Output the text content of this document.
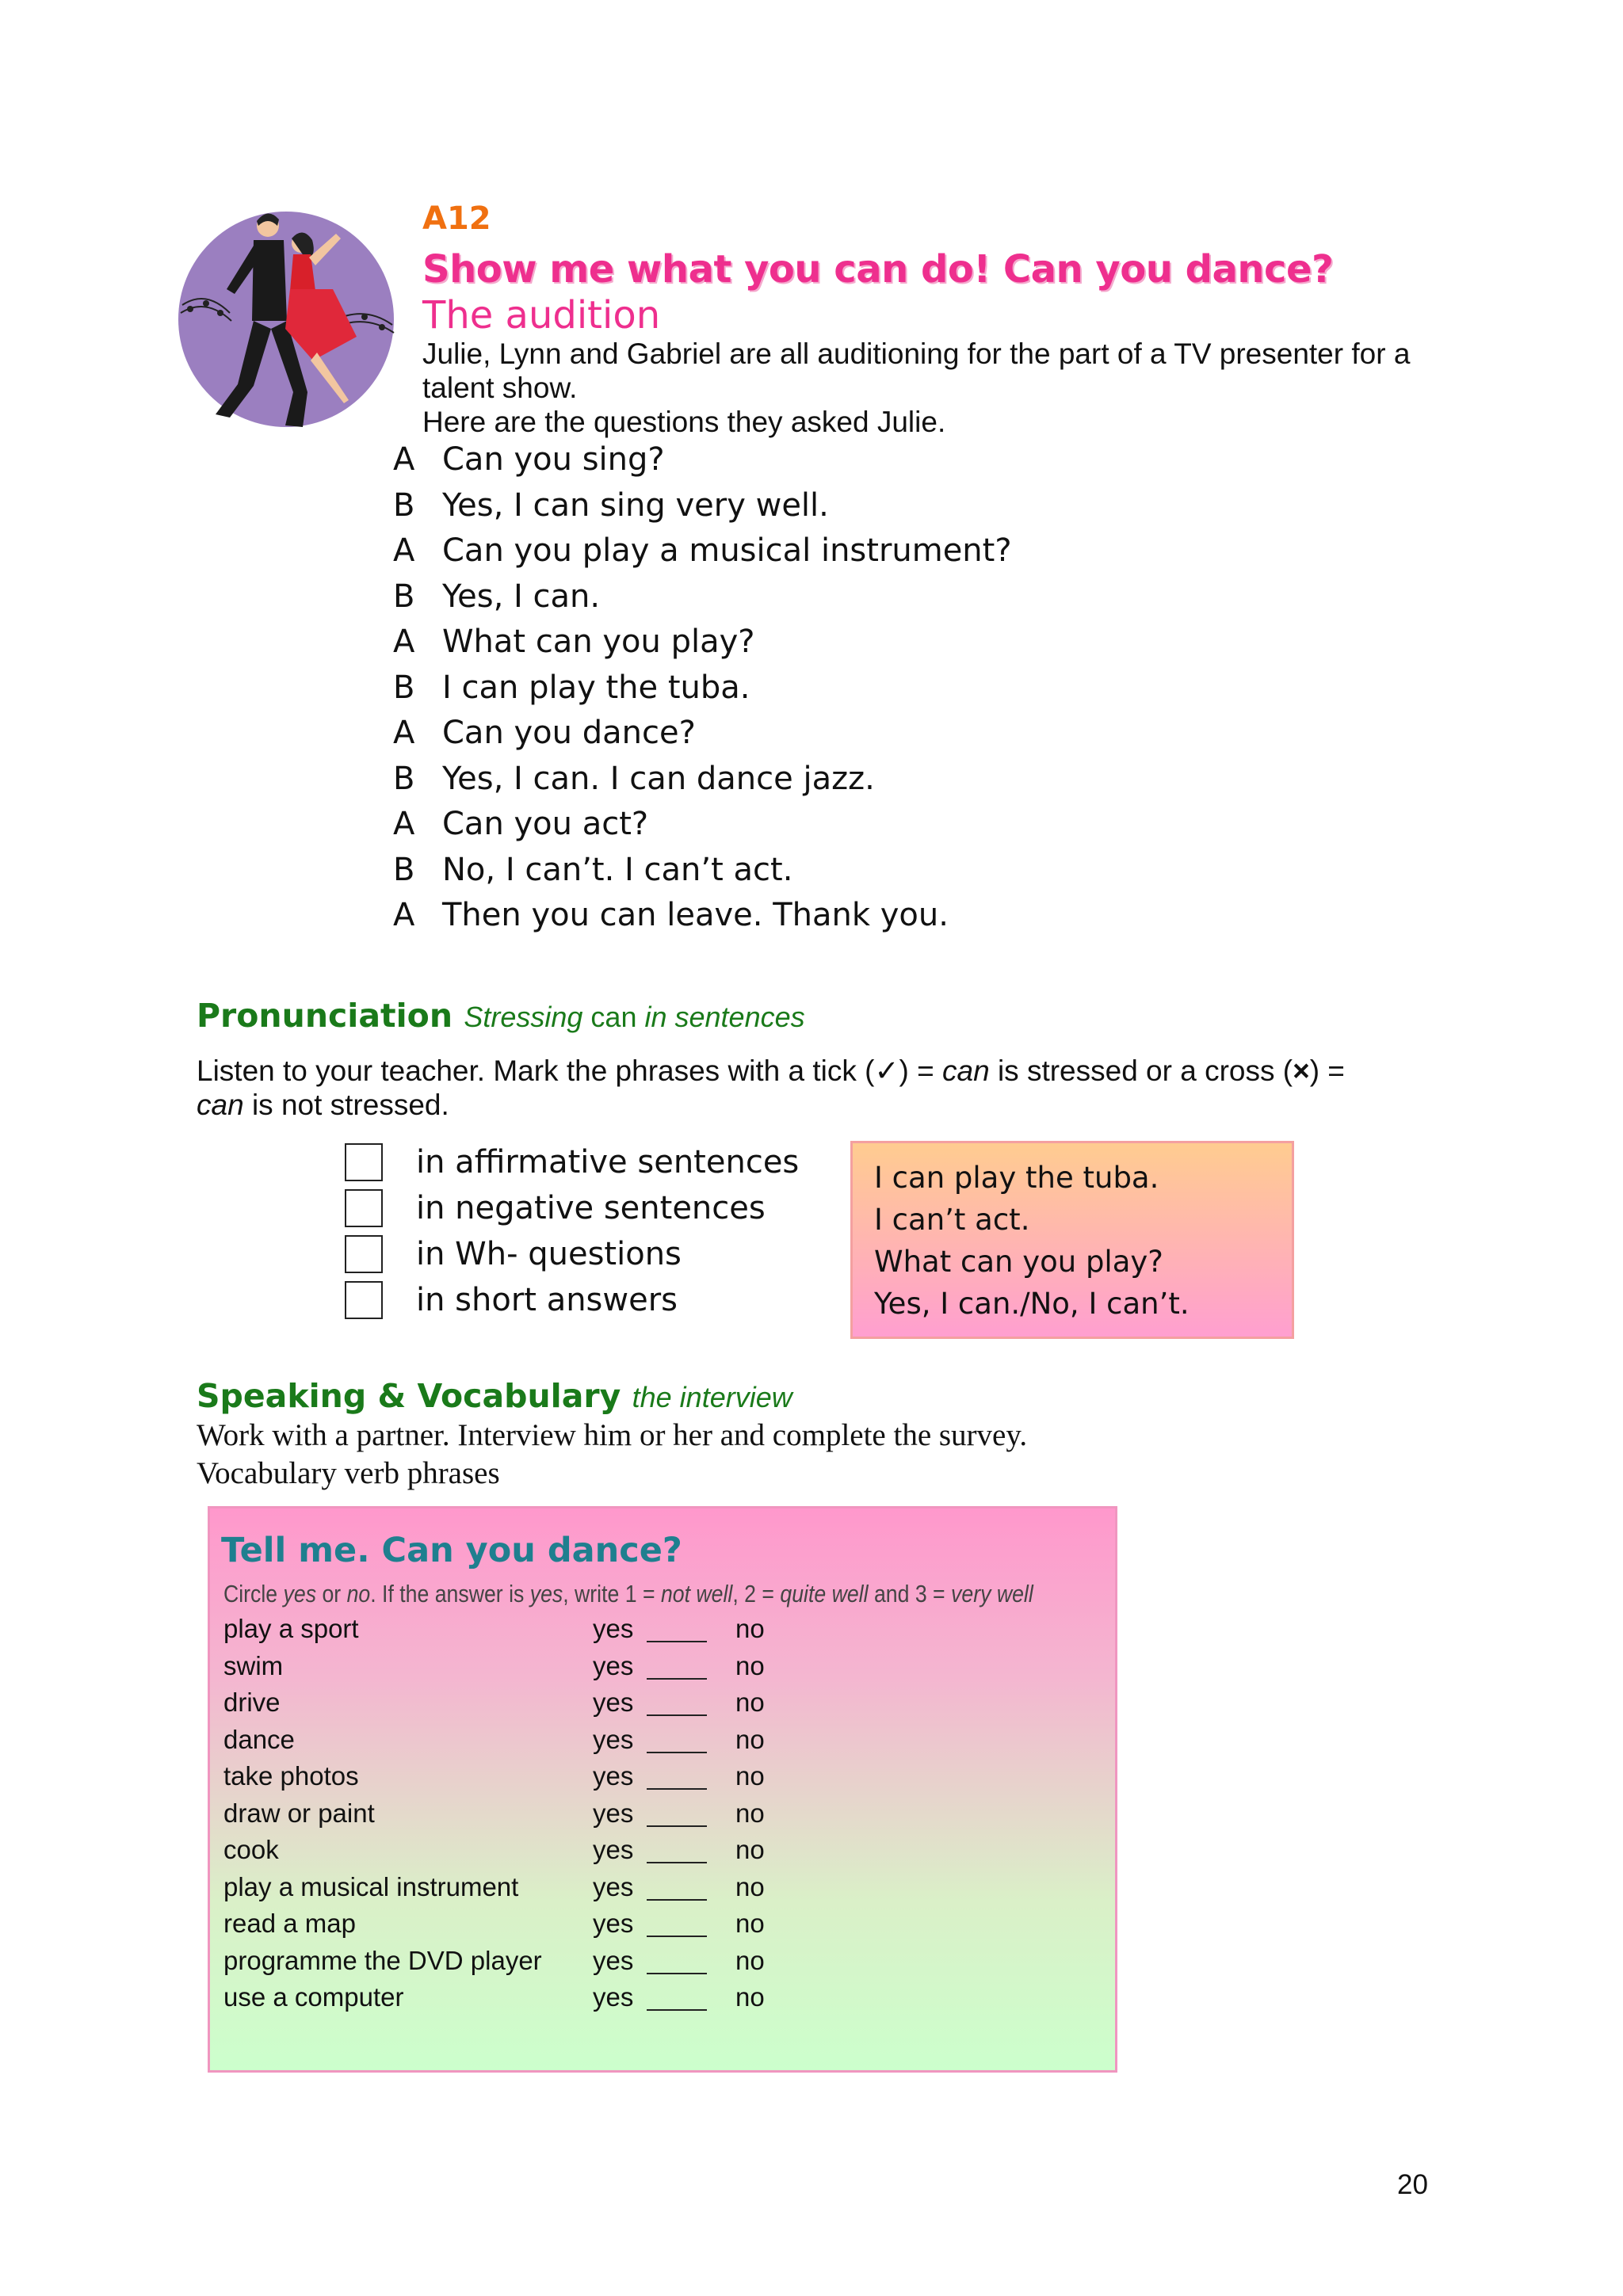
A12
Show me what you can do! Can you dance?
The audition

Julie, Lynn and Gabriel are all auditioning for the part of a TV presenter for a talent show.

Here are the questions they asked Julie.

A Can you sing?
B Yes, I can sing very well.
A Can you play a musical instrument?
B Yes, I can.
A What can you play?
B I can play the tuba.
A Can you dance?
B Yes, I can. I can dance jazz.
A Can you act?
B No, I can’t. I can’t act.
A Then you can leave. Thank you.
Pronunciation Stressing can in sentences

Listen to your teacher. Mark the phrases with a tick (✓) = can is stressed or a cross (×) =

can is not stressed.

in affirmative sentences
in negative sentences
in Wh- questions
in short answers
I can play the tuba.
I can’t act.
What can you play?
Yes, I can./No, I can’t.
Speaking & Vocabulary the interview

Work with a partner. Interview him or her and complete the survey.

Vocabulary verb phrases

Tell me. Can you dance?
Circle yes or no. If the answer is yes, write 1 = not well, 2 = quite well and 3 = very well
play a sport	yes	no
swim	yes	no
drive	yes	no
dance	yes	no
take photos	yes	no
draw or paint	yes	no
cook	yes	no
play a musical instrument	yes	no
read a map	yes	no
programme the DVD player	yes	no
use a computer	yes	no
20
